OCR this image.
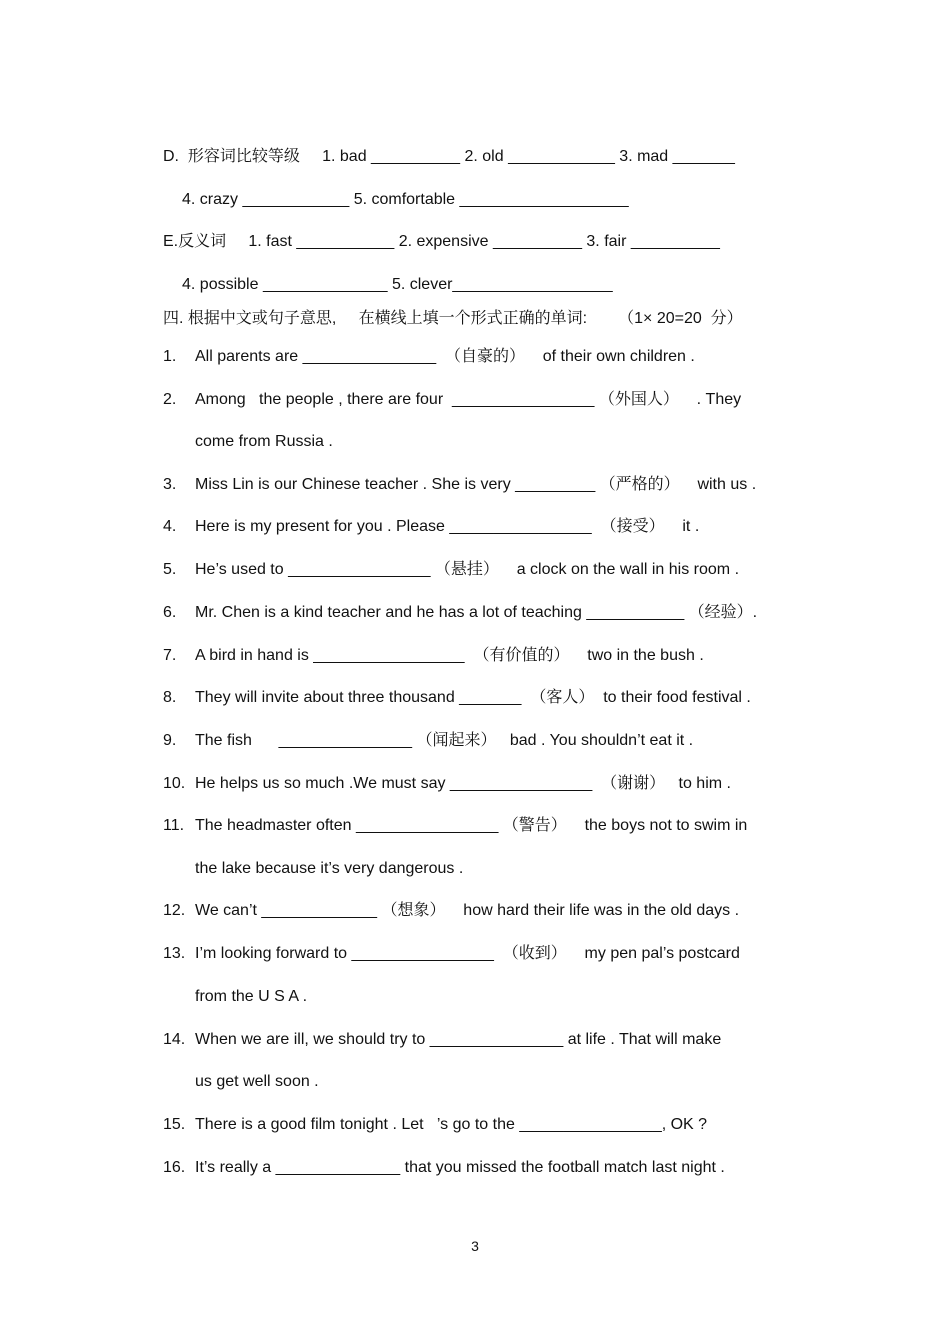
D.  形容词比较等级     1. bad __________ 2. old ____________ 3. mad _______
4. crazy ____________ 5. comfortable ___________________
E.反义词     1. fast ___________ 2. expensive __________ 3. fair __________
4. possible ______________ 5. clever__________________
四. 根据中文或句子意思,     在横线上填一个形式正确的单词:       （1× 20=20  分）
1. All parents are _______________  （自豪的）    of their own children .
2. Among   the people , there are four  ________________ （外国人）    . They
come from Russia .
3. Miss Lin is our Chinese teacher . She is very _________ （严格的）    with us .
4. Here is my present for you . Please ________________  （接受）    it .
5. He’s used to ________________ （悬挂）    a clock on the wall in his room .
6. Mr. Chen is a kind teacher and he has a lot of teaching ___________ （经验）.
7. A bird in hand is _________________  （有价值的）    two in the bush .
8. They will invite about three thousand _______  （客人）  to their food festival .
9. The fish      _______________ （闻起来）   bad . You shouldn’t eat it .
10. He helps us so much .We must say ________________  （谢谢）   to him .
11. The headmaster often ________________ （警告）    the boys not to swim in
the lake because it’s very dangerous .
12. We can’t _____________ （想象）    how hard their life was in the old days .
13. I’m looking forward to ________________  （收到）    my pen pal’s postcard
from the U S A .
14. When we are ill, we should try to _______________ at life . That will make
us get well soon .
15. There is a good film tonight . Let   ’s go to the ________________, OK ?
16. It’s really a ______________ that you missed the football match last night .
3
